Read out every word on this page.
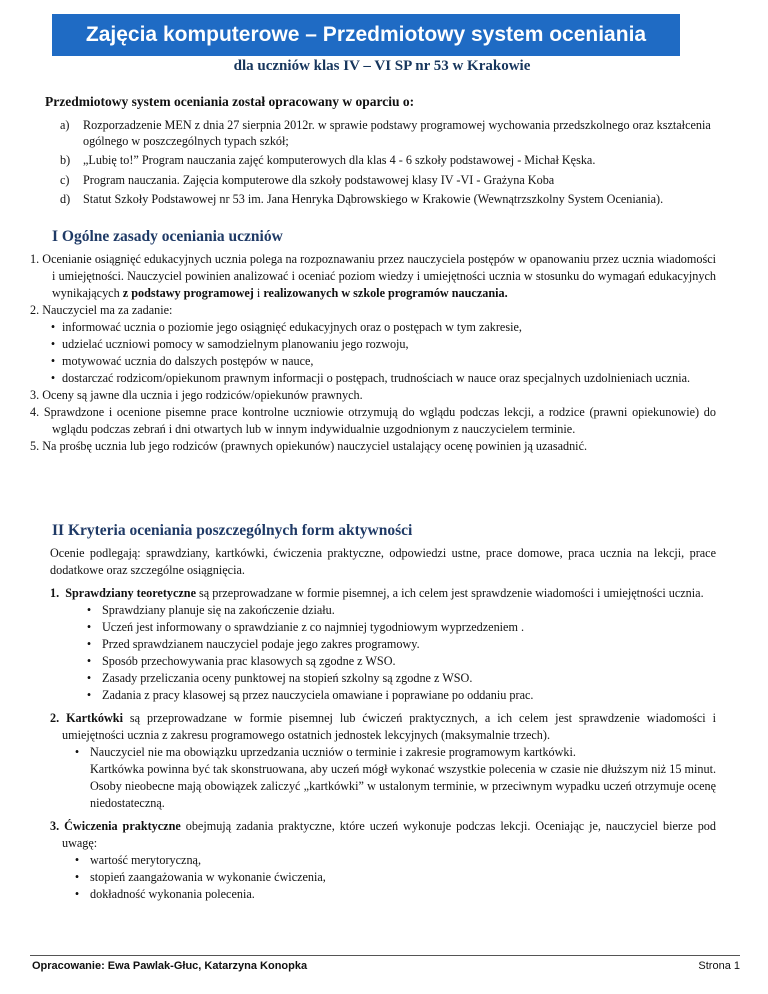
Zajęcia komputerowe – Przedmiotowy system oceniania
dla uczniów klas IV – VI SP nr 53 w Krakowie
Przedmiotowy system oceniania został opracowany w oparciu o:
a)	Rozporzadzenie MEN z dnia 27 sierpnia 2012r. w sprawie podstawy programowej wychowania przedszkolnego oraz kształcenia ogólnego w poszczególnych typach szkół;
b)	„Lubię to!” Program nauczania zajęć komputerowych dla klas 4 - 6 szkoły podstawowej - Michał Kęska.
c)	Program nauczania. Zajęcia komputerowe dla szkoły podstawowej klasy IV -VI - Grażyna Koba
d)	Statut Szkoły Podstawowej nr 53 im. Jana Henryka Dąbrowskiego w Krakowie (Wewnątrzszkolny System Oceniania).
I Ogólne zasady oceniania uczniów

1. Ocenianie osiągnięć edukacyjnych ucznia polega na rozpoznawaniu przez nauczyciela postępów w opanowaniu przez ucznia wiadomości i umiejętności. Nauczyciel powinien analizować i oceniać poziom wiedzy i umiejętności ucznia w stosunku do wymagań edukacyjnych wynikających z podstawy programowej i realizowanych w szkole programów nauczania.

2. Nauczyciel ma za zadanie:

• informować ucznia o poziomie jego osiągnięć edukacyjnych oraz o postępach w tym zakresie,
• udzielać uczniowi pomocy w samodzielnym planowaniu jego rozwoju,
• motywować ucznia do dalszych postępów w nauce,
• dostarczać rodzicom/opiekunom prawnym informacji o postępach, trudnościach w nauce oraz specjalnych uzdolnieniach ucznia.

3. Oceny są jawne dla ucznia i jego rodziców/opiekunów prawnych.

4. Sprawdzone i ocenione pisemne prace kontrolne uczniowie otrzymują do wglądu podczas lekcji, a rodzice (prawni opiekunowie) do wglądu podczas zebrań i dni otwartych lub w innym indywidualnie uzgodnionym z nauczycielem terminie.

5. Na prośbę ucznia lub jego rodziców (prawnych opiekunów) nauczyciel ustalający ocenę powinien ją uzasadnić.

II Kryteria oceniania poszczególnych form aktywności

Ocenie podlegają: sprawdziany, kartkówki, ćwiczenia praktyczne, odpowiedzi ustne, prace domowe, praca ucznia na lekcji, prace dodatkowe oraz szczególne osiągnięcia.

1. Sprawdziany teoretyczne są przeprowadzane w formie pisemnej, a ich celem jest sprawdzenie wiadomości i umiejętności ucznia.

• Sprawdziany planuje się na zakończenie działu.
• Uczeń jest informowany o sprawdzianie z co najmniej tygodniowym wyprzedzeniem .
• Przed sprawdzianem nauczyciel podaje jego zakres programowy.
• Sposób przechowywania prac klasowych są zgodne z WSO.
• Zasady przeliczania oceny punktowej na stopień szkolny są zgodne z WSO.
• Zadania z pracy klasowej są przez nauczyciela omawiane i poprawiane po oddaniu prac.

2. Kartkówki są przeprowadzane w formie pisemnej lub ćwiczeń praktycznych, a ich celem jest sprawdzenie wiadomości i umiejętności ucznia z zakresu programowego ostatnich jednostek lekcyjnych (maksymalnie trzech).

• Nauczyciel nie ma obowiązku uprzedzania uczniów o terminie i zakresie programowym kartkówki.

Kartkówka powinna być tak skonstruowana, aby uczeń mógł wykonać wszystkie polecenia w czasie nie dłuższym niż 15 minut. Osoby nieobecne mają obowiązek zaliczyć „kartkówki” w ustalonym terminie, w przeciwnym wypadku uczeń otrzymuje ocenę niedostateczną.

3. Ćwiczenia praktyczne obejmują zadania praktyczne, które uczeń wykonuje podczas lekcji. Oceniając je, nauczyciel bierze pod uwagę:

• wartość merytoryczną,
• stopień zaangażowania w wykonanie ćwiczenia,
• dokładność wykonania polecenia.
Opracowanie: Ewa Pawlak-Głuc, Katarzyna Konopka	Strona 1
